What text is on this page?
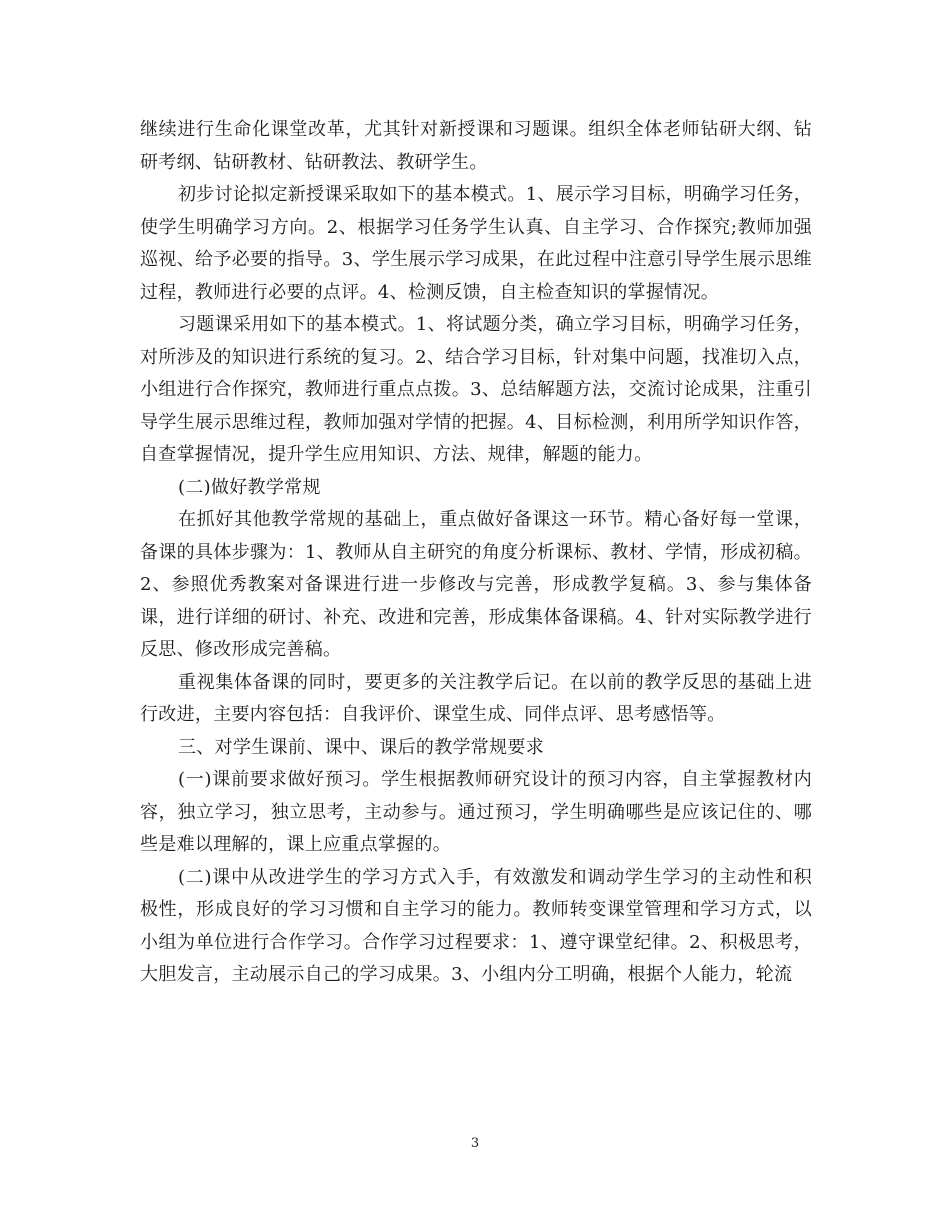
继续进行生命化课堂改革，尤其针对新授课和习题课。组织全体老师钻研大纲、钻研考纲、钻研教材、钻研教法、教研学生。

初步讨论拟定新授课采取如下的基本模式。1、展示学习目标，明确学习任务，使学生明确学习方向。2、根据学习任务学生认真、自主学习、合作探究;教师加强巡视、给予必要的指导。3、学生展示学习成果，在此过程中注意引导学生展示思维过程，教师进行必要的点评。4、检测反馈，自主检查知识的掌握情况。

习题课采用如下的基本模式。1、将试题分类，确立学习目标，明确学习任务，对所涉及的知识进行系统的复习。2、结合学习目标，针对集中问题，找准切入点，小组进行合作探究，教师进行重点点拨。3、总结解题方法，交流讨论成果，注重引导学生展示思维过程，教师加强对学情的把握。4、目标检测，利用所学知识作答，自查掌握情况，提升学生应用知识、方法、规律，解题的能力。

(二)做好教学常规

在抓好其他教学常规的基础上，重点做好备课这一环节。精心备好每一堂课，备课的具体步骤为：1、教师从自主研究的角度分析课标、教材、学情，形成初稿。2、参照优秀教案对备课进行进一步修改与完善，形成教学复稿。3、参与集体备课，进行详细的研讨、补充、改进和完善，形成集体备课稿。4、针对实际教学进行反思、修改形成完善稿。

重视集体备课的同时，要更多的关注教学后记。在以前的教学反思的基础上进行改进，主要内容包括：自我评价、课堂生成、同伴点评、思考感悟等。

三、对学生课前、课中、课后的教学常规要求

(一)课前要求做好预习。学生根据教师研究设计的预习内容，自主掌握教材内容，独立学习，独立思考，主动参与。通过预习，学生明确哪些是应该记住的、哪些是难以理解的，课上应重点掌握的。

(二)课中从改进学生的学习方式入手，有效激发和调动学生学习的主动性和积极性，形成良好的学习习惯和自主学习的能力。教师转变课堂管理和学习方式，以小组为单位进行合作学习。合作学习过程要求：1、遵守课堂纪律。2、积极思考，大胆发言，主动展示自己的学习成果。3、小组内分工明确，根据个人能力，轮流

3
